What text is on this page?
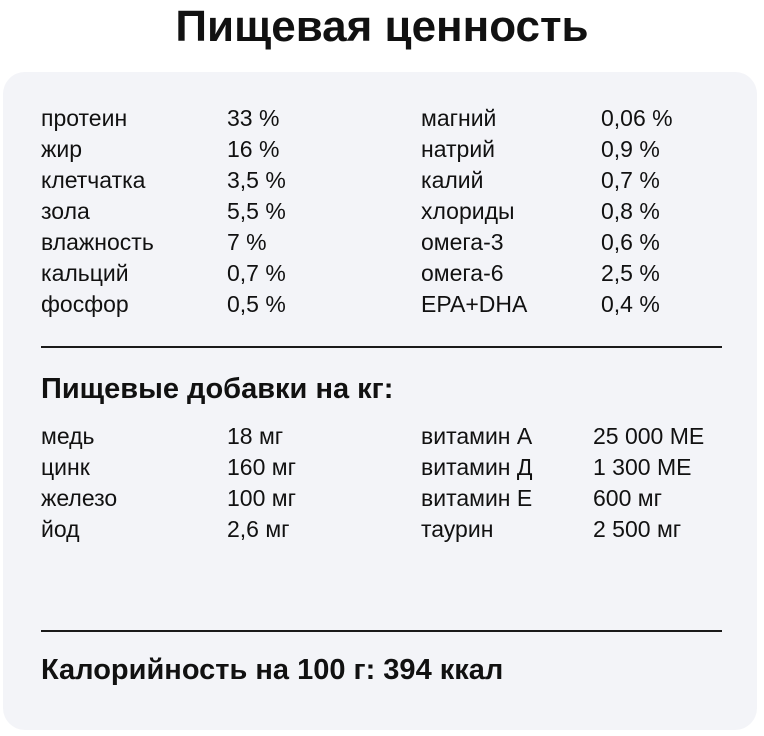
Пищевая ценность
протеин	33 %	магний	0,06 %
жир	16 %	натрий	0,9 %
клетчатка	3,5 %	калий	0,7 %
зола	5,5 %	хлориды	0,8 %
влажность	7 %	омега-3	0,6 %
кальций	0,7 %	омега-6	2,5 %
фосфор	0,5 %	EPA+DHA	0,4 %
Пищевые добавки на кг:
медь	18 мг	витамин А	25 000 МЕ
цинк	160 мг	витамин Д	1 300 МЕ
железо	100 мг	витамин Е	600 мг
йод	2,6 мг	таурин	2 500 мг
Калорийность на 100 г: 394 ккал
